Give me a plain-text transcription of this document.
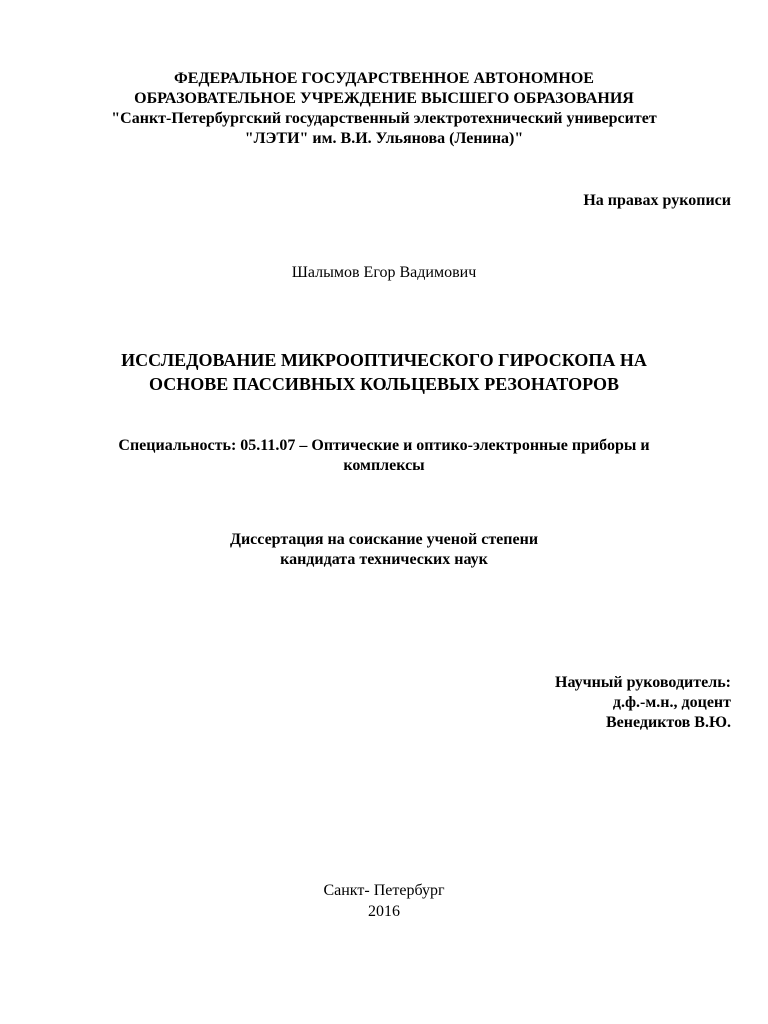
ФЕДЕРАЛЬНОЕ ГОСУДАРСТВЕННОЕ АВТОНОМНОЕ
ОБРАЗОВАТЕЛЬНОЕ УЧРЕЖДЕНИЕ ВЫСШЕГО ОБРАЗОВАНИЯ
"Санкт-Петербургский государственный электротехнический университет
"ЛЭТИ" им. В.И. Ульянова (Ленина)"
На правах рукописи
Шалымов Егор Вадимович
ИССЛЕДОВАНИЕ МИКРООПТИЧЕСКОГО ГИРОСКОПА НА
ОСНОВЕ ПАССИВНЫХ КОЛЬЦЕВЫХ РЕЗОНАТОРОВ
Специальность: 05.11.07 – Оптические и оптико-электронные приборы и
комплексы
Диссертация на соискание ученой степени
кандидата технических наук
Научный руководитель:
д.ф.-м.н., доцент
Венедиктов В.Ю.
Санкт- Петербург
2016
